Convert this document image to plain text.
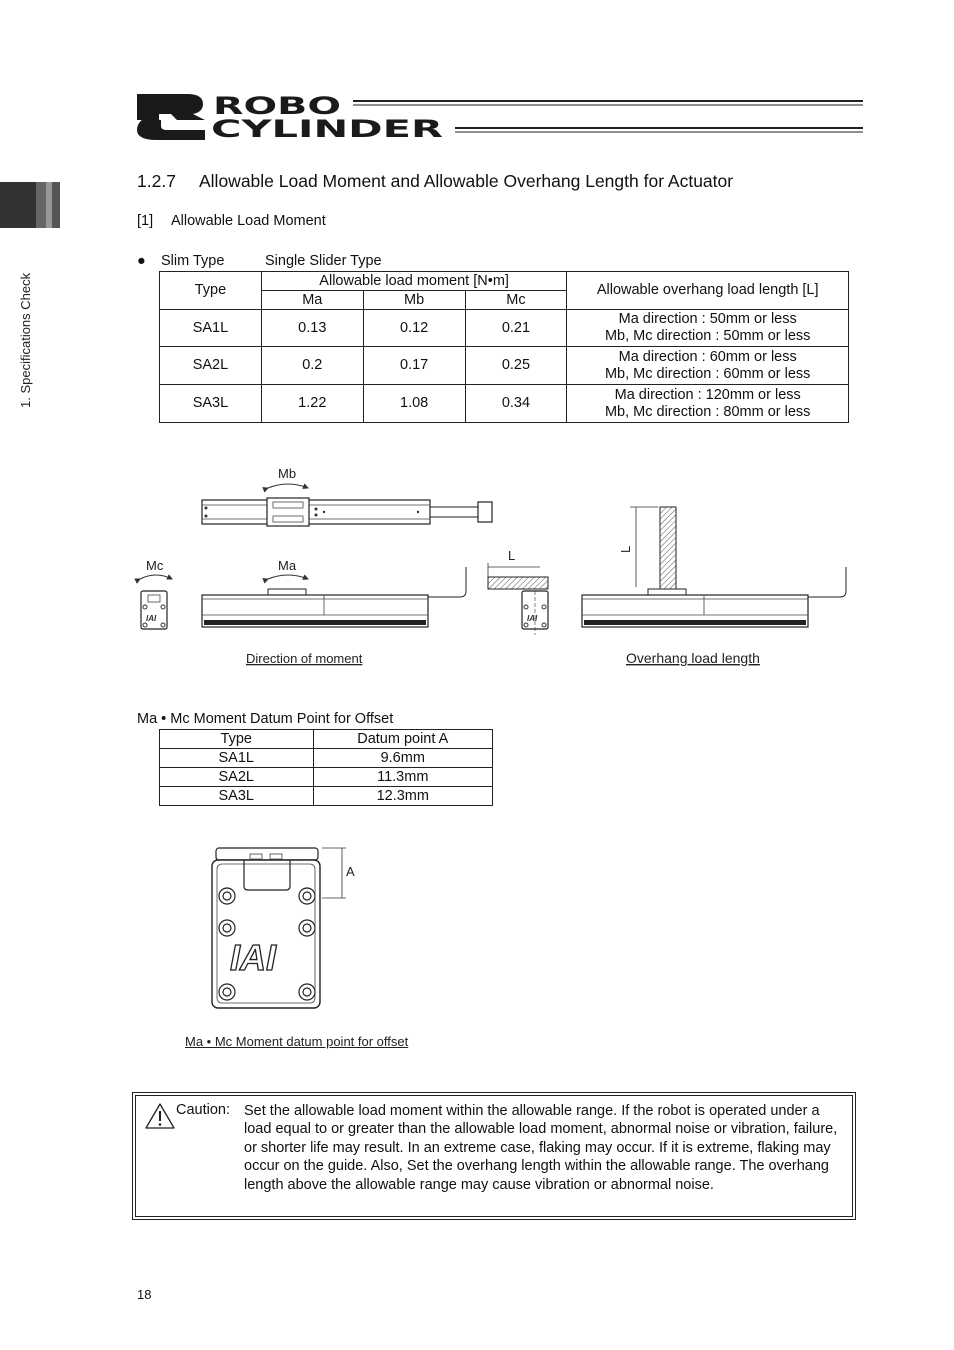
ROBO
CYLINDER
1. Specifications Check
1.2.7 Allowable Load Moment and Allowable Overhang Length for Actuator
[1] Allowable Load Moment
● Slim Type	Single Slider Type
Type	Allowable load moment [N•m]			Allowable overhang load length [L]
	Ma	Mb	Mc	
SA1L	0.13	0.12	0.21	Ma direction : 50mm or less
Mb, Mc direction : 50mm or less

SA2L	0.2	0.17	0.25	Ma direction : 60mm or less
Mb, Mc direction : 60mm or less

SA3L	1.22	1.08	0.34	Ma direction : 120mm or less
Mb, Mc direction : 80mm or less
Mb
Mc
IAI
Ma
L
IAI
L
Direction of moment	Overhang load length
Ma • Mc Moment Datum Point for Offset
Type	Datum point A
SA1L	9.6mm
SA2L	11.3mm
SA3L	12.3mm
IAI
A
Ma • Mc Moment datum point for offset
Caution: Set the allowable load moment within the allowable range. If the robot is operated under a load equal to or greater than the allowable load moment, abnormal noise or vibration, failure, or shorter life may result. In an extreme case, flaking may occur. If it is extreme, flaking may occur on the guide. Also, Set the overhang length within the allowable range. The overhang length above the allowable range may cause vibration or abnormal noise.
18
